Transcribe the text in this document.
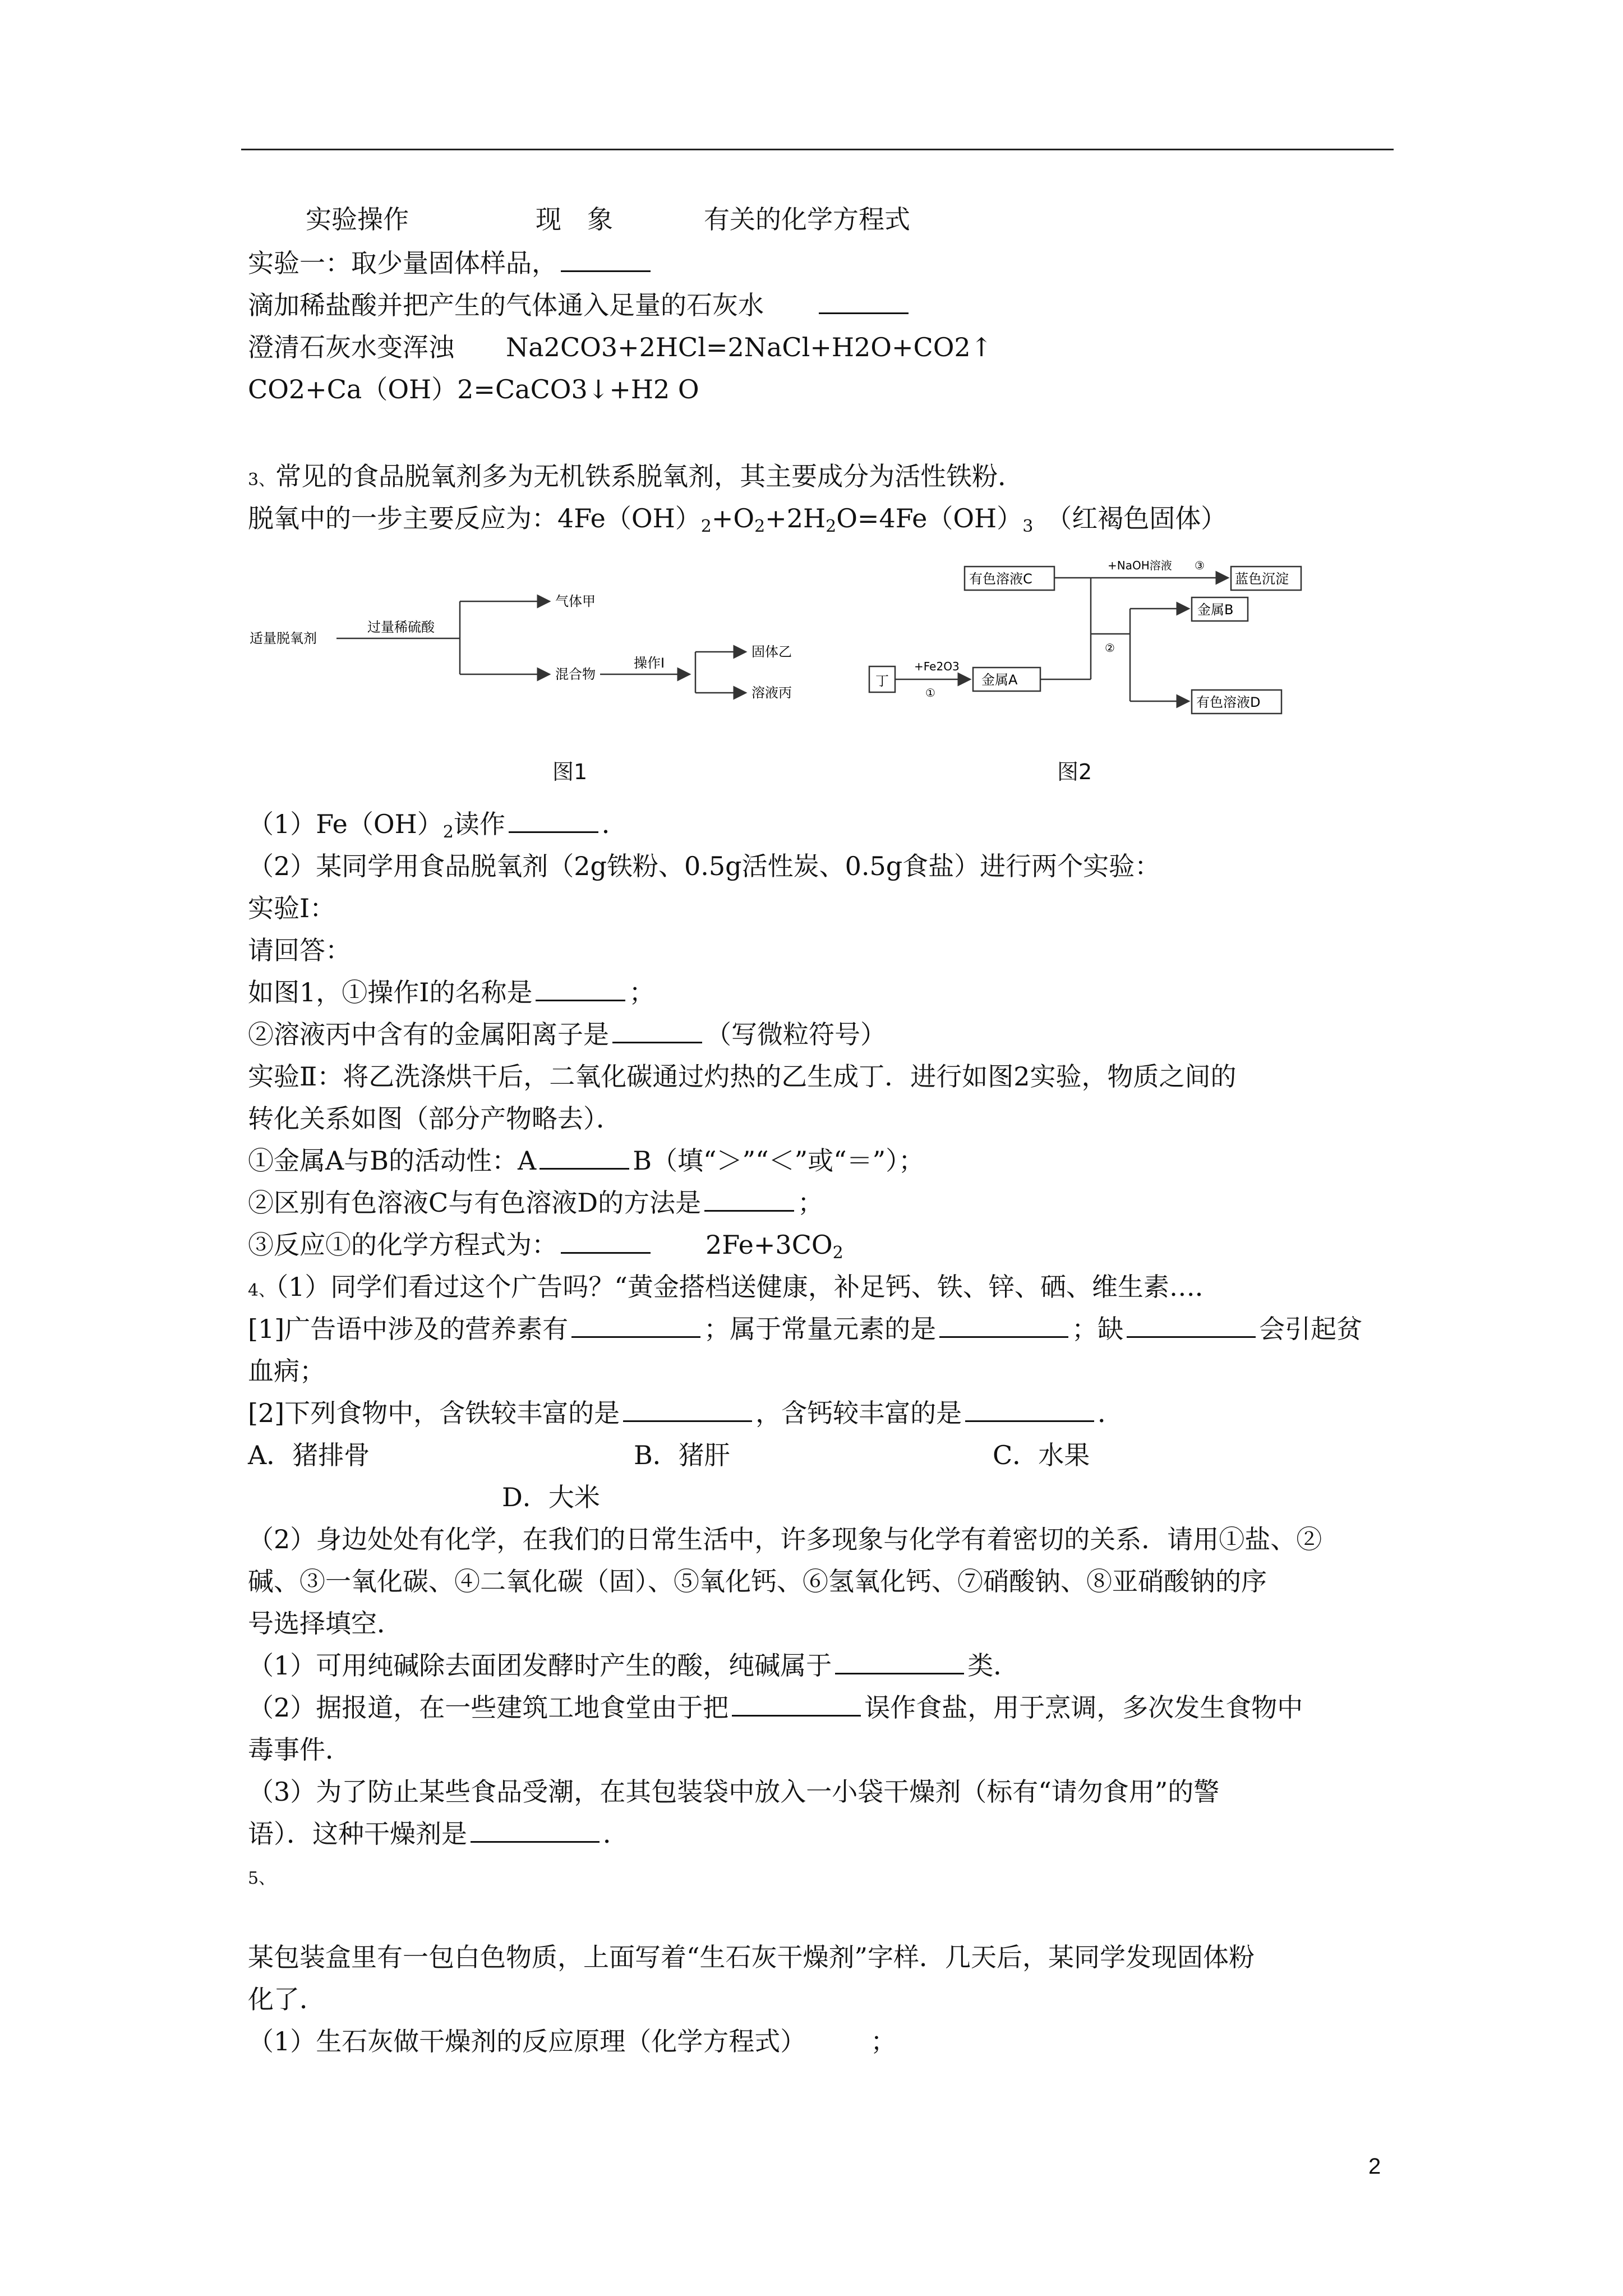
实验操作	现　象	有关的化学方程式
实验一：取少量固体样品，
滴加稀盐酸并把产生的气体通入足量的石灰水　　
澄清石灰水变浑浊　　 Na2CO3+2HCl=2NaCl+H2O+CO2↑
CO2+Ca（OH）2=CaCO3↓+H2 O
3、常见的食品脱氧剂多为无机铁系脱氧剂，其主要成分为活性铁粉．
脱氧中的一步主要反应为：$4Fe(OH)_2+O_2+2H_2O=4Fe(OH)_3$　（红褐色固体）
适量脱氧剂
过量稀硫酸
气体甲
混合物
操作Ⅰ
固体乙
溶液丙
丁
+Fe2O3
①
金属A
有色溶液C
+NaOH溶液 ③
蓝色沉淀
②
金属B
有色溶液D
图1	图2
$(1)Fe(OH)_2$读作	．
（2）某同学用食品脱氧剂（2g铁粉、0.5g活性炭、0.5g食盐）进行两个实验：
实验Ⅰ：
请回答：
如图1，①操作Ⅰ的名称是	；
②溶液丙中含有的金属阳离子是	（写微粒符号）
实验Ⅱ：将乙洗涤烘干后，二氧化碳通过灼热的乙生成丁．进行如图2实验，物质之间的
转化关系如图（部分产物略去）．
①金属A与B的活动性：A	B（填“＞”“＜”或“＝”）；
②区别有色溶液C与有色溶液D的方法是	；
③反应①的化学方程式为：　　	$2Fe+3CO_2$
4、（1）同学们看过这个广告吗？“黄金搭档送健康，补足钙、铁、锌、硒、维生素…．
[1]广告语中涉及的营养素有	；属于常量元素的是	；缺	会引起贫
血病；
[2]下列食物中，含铁较丰富的是	，含钙较丰富的是	．
A．猪排骨	B．猪肝	C．水果
D．大米
（2）身边处处有化学，在我们的日常生活中，许多现象与化学有着密切的关系．请用①盐、②
碱、③一氧化碳、④二氧化碳（固）、⑤氧化钙、⑥氢氧化钙、⑦硝酸钠、⑧亚硝酸钠的序
号选择填空．
（1）可用纯碱除去面团发酵时产生的酸，纯碱属于	类．
（2）据报道，在一些建筑工地食堂由于把	误作食盐，用于烹调，多次发生食物中
毒事件．
（3）为了防止某些食品受潮，在其包装袋中放入一小袋干燥剂（标有“请勿食用”的警
语）．这种干燥剂是	．
5、
某包装盒里有一包白色物质，上面写着“生石灰干燥剂”字样．几天后，某同学发现固体粉
化了．
（1）生石灰做干燥剂的反应原理（化学方程式）　　　	；
2
